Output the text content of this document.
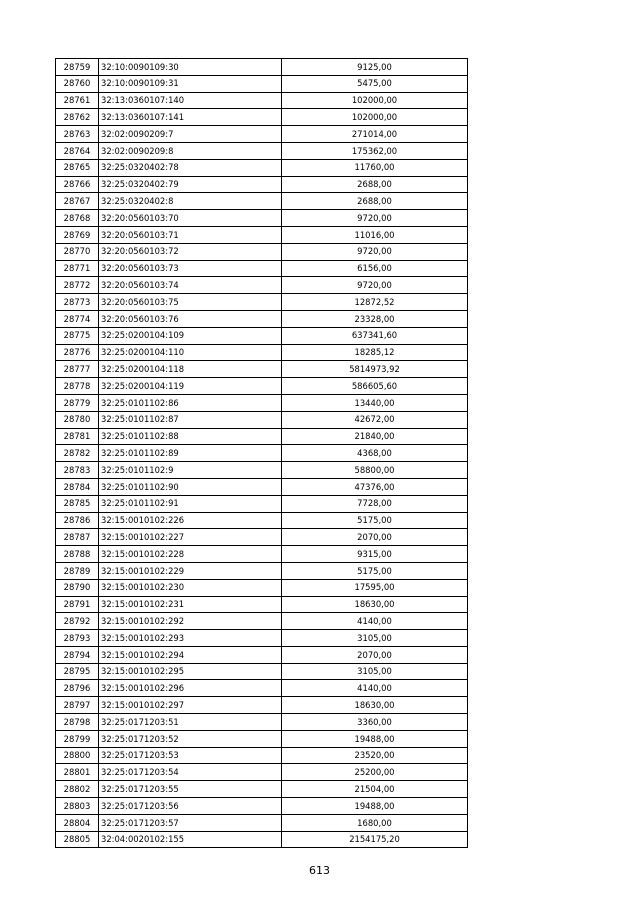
28759	32:10:0090109:30	9125,00
28760	32:10:0090109:31	5475,00
28761	32:13:0360107:140	102000,00
28762	32:13:0360107:141	102000,00
28763	32:02:0090209:7	271014,00
28764	32:02:0090209:8	175362,00
28765	32:25:0320402:78	11760,00
28766	32:25:0320402:79	2688,00
28767	32:25:0320402:8	2688,00
28768	32:20:0560103:70	9720,00
28769	32:20:0560103:71	11016,00
28770	32:20:0560103:72	9720,00
28771	32:20:0560103:73	6156,00
28772	32:20:0560103:74	9720,00
28773	32:20:0560103:75	12872,52
28774	32:20:0560103:76	23328,00
28775	32:25:0200104:109	637341,60
28776	32:25:0200104:110	18285,12
28777	32:25:0200104:118	5814973,92
28778	32:25:0200104:119	586605,60
28779	32:25:0101102:86	13440,00
28780	32:25:0101102:87	42672,00
28781	32:25:0101102:88	21840,00
28782	32:25:0101102:89	4368,00
28783	32:25:0101102:9	58800,00
28784	32:25:0101102:90	47376,00
28785	32:25:0101102:91	7728,00
28786	32:15:0010102:226	5175,00
28787	32:15:0010102:227	2070,00
28788	32:15:0010102:228	9315,00
28789	32:15:0010102:229	5175,00
28790	32:15:0010102:230	17595,00
28791	32:15:0010102:231	18630,00
28792	32:15:0010102:292	4140,00
28793	32:15:0010102:293	3105,00
28794	32:15:0010102:294	2070,00
28795	32:15:0010102:295	3105,00
28796	32:15:0010102:296	4140,00
28797	32:15:0010102:297	18630,00
28798	32:25:0171203:51	3360,00
28799	32:25:0171203:52	19488,00
28800	32:25:0171203:53	23520,00
28801	32:25:0171203:54	25200,00
28802	32:25:0171203:55	21504,00
28803	32:25:0171203:56	19488,00
28804	32:25:0171203:57	1680,00
28805	32:04:0020102:155	2154175,20
613
